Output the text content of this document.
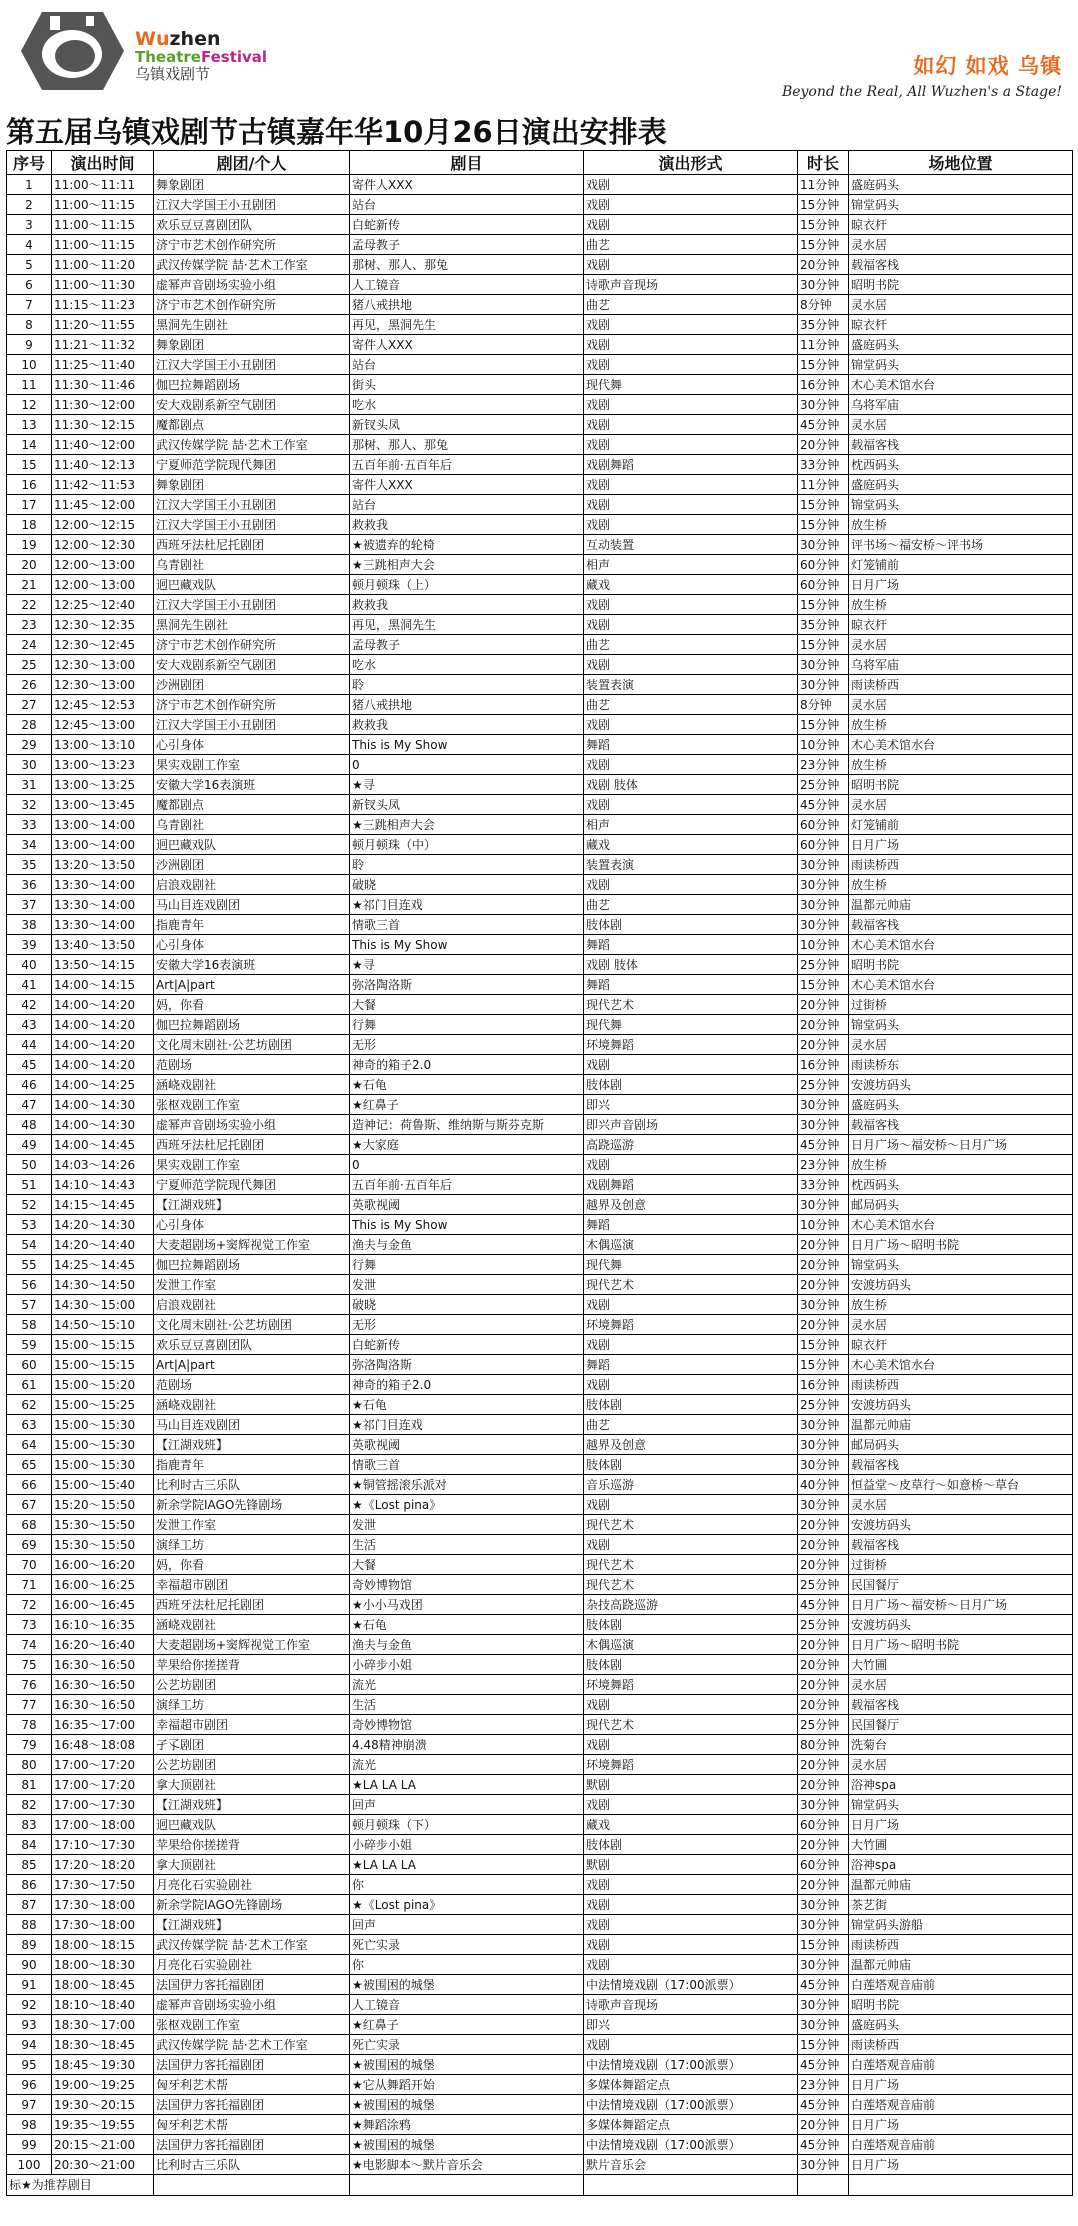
Wuzhen
TheatreFestival
乌镇戏剧节	如幻 如戏 乌镇
Beyond the Real, All Wuzhen's a Stage!
第五届乌镇戏剧节古镇嘉年华10月26日演出安排表
序号	演出时间	剧团/个人	剧目	演出形式	时长	场地位置
1	11:00～11:11	舞象剧团	寄件人XXX	戏剧	11分钟	盛庭码头
2	11:00～11:15	江汉大学国王小丑剧团	站台	戏剧	15分钟	锦堂码头
3	11:00～11:15	欢乐豆豆喜剧团队	白蛇新传	戏剧	15分钟	晾衣杆
4	11:00～11:15	济宁市艺术创作研究所	孟母教子	曲艺	15分钟	灵水居
5	11:00～11:20	武汉传媒学院 喆·艺术工作室	那树、那人、那兔	戏剧	20分钟	载福客栈
6	11:00～11:30	虚幂声音剧场实验小组	人工镜音	诗歌声音现场	30分钟	昭明书院
7	11:15～11:23	济宁市艺术创作研究所	猪八戒拱地	曲艺	8分钟	灵水居
8	11:20～11:55	黑洞先生剧社	再见，黑洞先生	戏剧	35分钟	晾衣杆
9	11:21～11:32	舞象剧团	寄件人XXX	戏剧	11分钟	盛庭码头
10	11:25～11:40	江汉大学国王小丑剧团	站台	戏剧	15分钟	锦堂码头
11	11:30～11:46	伽巴拉舞蹈剧场	街头	现代舞	16分钟	木心美术馆水台
12	11:30～12:00	安大戏剧系新空气剧团	吃水	戏剧	30分钟	乌将军庙
13	11:30～12:15	魔都剧点	新钗头凤	戏剧	45分钟	灵水居
14	11:40～12:00	武汉传媒学院 喆·艺术工作室	那树、那人、那兔	戏剧	20分钟	载福客栈
15	11:40～12:13	宁夏师范学院现代舞团	五百年前·五百年后	戏剧舞蹈	33分钟	枕西码头
16	11:42～11:53	舞象剧团	寄件人XXX	戏剧	11分钟	盛庭码头
17	11:45～12:00	江汉大学国王小丑剧团	站台	戏剧	15分钟	锦堂码头
18	12:00～12:15	江汉大学国王小丑剧团	救救我	戏剧	15分钟	放生桥
19	12:00～12:30	西班牙法杜尼托剧团	★被遗弃的轮椅	互动装置	30分钟	评书场～福安桥～评书场
20	12:00～13:00	乌青剧社	★三跳相声大会	相声	60分钟	灯笼铺前
21	12:00～13:00	迥巴藏戏队	顿月顿珠（上）	藏戏	60分钟	日月广场
22	12:25～12:40	江汉大学国王小丑剧团	救救我	戏剧	15分钟	放生桥
23	12:30～12:35	黑洞先生剧社	再见，黑洞先生	戏剧	35分钟	晾衣杆
24	12:30～12:45	济宁市艺术创作研究所	孟母教子	曲艺	15分钟	灵水居
25	12:30～13:00	安大戏剧系新空气剧团	吃水	戏剧	30分钟	乌将军庙
26	12:30～13:00	沙洲剧团	聆	装置表演	30分钟	雨读桥西
27	12:45～12:53	济宁市艺术创作研究所	猪八戒拱地	曲艺	8分钟	灵水居
28	12:45～13:00	江汉大学国王小丑剧团	救救我	戏剧	15分钟	放生桥
29	13:00～13:10	心引身体	This is My Show	舞蹈	10分钟	木心美术馆水台
30	13:00～13:23	果实戏剧工作室	0	戏剧	23分钟	放生桥
31	13:00～13:25	安徽大学16表演班	★寻	戏剧 肢体	25分钟	昭明书院
32	13:00～13:45	魔都剧点	新钗头凤	戏剧	45分钟	灵水居
33	13:00～14:00	乌青剧社	★三跳相声大会	相声	60分钟	灯笼铺前
34	13:00～14:00	迥巴藏戏队	顿月顿珠（中）	藏戏	60分钟	日月广场
35	13:20～13:50	沙洲剧团	聆	装置表演	30分钟	雨读桥西
36	13:30～14:00	启浪戏剧社	破晓	戏剧	30分钟	放生桥
37	13:30～14:00	马山目连戏剧团	★祁门目连戏	曲艺	30分钟	温都元帅庙
38	13:30～14:00	指鹿青年	情歌三首	肢体剧	30分钟	载福客栈
39	13:40～13:50	心引身体	This is My Show	舞蹈	10分钟	木心美术馆水台
40	13:50～14:15	安徽大学16表演班	★寻	戏剧 肢体	25分钟	昭明书院
41	14:00～14:15	Art|A|part	弥洛陶洛斯	舞蹈	15分钟	木心美术馆水台
42	14:00～14:20	妈，你看	大餐	现代艺术	20分钟	过街桥
43	14:00～14:20	伽巴拉舞蹈剧场	行舞	现代舞	20分钟	锦堂码头
44	14:00～14:20	文化周末剧社·公艺坊剧团	无形	环境舞蹈	20分钟	灵水居
45	14:00～14:20	范剧场	神奇的箱子2.0	戏剧	16分钟	雨读桥东
46	14:00～14:25	涵峣戏剧社	★石龟	肢体剧	25分钟	安渡坊码头
47	14:00～14:30	张枢戏剧工作室	★红鼻子	即兴	30分钟	盛庭码头
48	14:00～14:30	虚幂声音剧场实验小组	造神记：荷鲁斯、维纳斯与斯芬克斯	即兴声音剧场	30分钟	载福客栈
49	14:00～14:45	西班牙法杜尼托剧团	★大家庭	高跷巡游	45分钟	日月广场～福安桥～日月广场
50	14:03～14:26	果实戏剧工作室	0	戏剧	23分钟	放生桥
51	14:10～14:43	宁夏师范学院现代舞团	五百年前·五百年后	戏剧舞蹈	33分钟	枕西码头
52	14:15～14:45	【江湖戏班】	英歌视阈	越界及创意	30分钟	邮局码头
53	14:20～14:30	心引身体	This is My Show	舞蹈	10分钟	木心美术馆水台
54	14:20～14:40	大麦超剧场+窦辉视觉工作室	渔夫与金鱼	木偶巡演	20分钟	日月广场～昭明书院
55	14:25～14:45	伽巴拉舞蹈剧场	行舞	现代舞	20分钟	锦堂码头
56	14:30～14:50	发泄工作室	发泄	现代艺术	20分钟	安渡坊码头
57	14:30～15:00	启浪戏剧社	破晓	戏剧	30分钟	放生桥
58	14:50～15:10	文化周末剧社·公艺坊剧团	无形	环境舞蹈	20分钟	灵水居
59	15:00～15:15	欢乐豆豆喜剧团队	白蛇新传	戏剧	15分钟	晾衣杆
60	15:00～15:15	Art|A|part	弥洛陶洛斯	舞蹈	15分钟	木心美术馆水台
61	15:00～15:20	范剧场	神奇的箱子2.0	戏剧	16分钟	雨读桥西
62	15:00～15:25	涵峣戏剧社	★石龟	肢体剧	25分钟	安渡坊码头
63	15:00～15:30	马山目连戏剧团	★祁门目连戏	曲艺	30分钟	温都元帅庙
64	15:00～15:30	【江湖戏班】	英歌视阈	越界及创意	30分钟	邮局码头
65	15:00～15:30	指鹿青年	情歌三首	肢体剧	30分钟	载福客栈
66	15:00～15:40	比利时古三乐队	★铜管摇滚乐派对	音乐巡游	40分钟	恒益堂～皮草行～如意桥～草台
67	15:20～15:50	新余学院IAGO先锋剧场	★《Lost pina》	戏剧	30分钟	灵水居
68	15:30～15:50	发泄工作室	发泄	现代艺术	20分钟	安渡坊码头
69	15:30～15:50	演绎工坊	生活	戏剧	20分钟	载福客栈
70	16:00～16:20	妈，你看	大餐	现代艺术	20分钟	过街桥
71	16:00～16:25	幸福超市剧团	奇妙博物馆	现代艺术	25分钟	民国餐厅
72	16:00～16:45	西班牙法杜尼托剧团	★小小马戏团	杂技高跷巡游	45分钟	日月广场～福安桥～日月广场
73	16:10～16:35	涵峣戏剧社	★石龟	肢体剧	25分钟	安渡坊码头
74	16:20～16:40	大麦超剧场+窦辉视觉工作室	渔夫与金鱼	木偶巡演	20分钟	日月广场～昭明书院
75	16:30～16:50	苹果给你搓搓背	小碎步小姐	肢体剧	20分钟	大竹圃
76	16:30～16:50	公艺坊剧团	流光	环境舞蹈	20分钟	灵水居
77	16:30～16:50	演绎工坊	生活	戏剧	20分钟	载福客栈
78	16:35～17:00	幸福超市剧团	奇妙博物馆	现代艺术	25分钟	民国餐厅
79	16:48～18:08	孑孓剧团	4.48精神崩溃	戏剧	80分钟	洗菊台
80	17:00～17:20	公艺坊剧团	流光	环境舞蹈	20分钟	灵水居
81	17:00～17:20	拿大顶剧社	★LA LA LA	默剧	20分钟	浴神spa
82	17:00～17:30	【江湖戏班】	回声	戏剧	30分钟	锦堂码头
83	17:00～18:00	迥巴藏戏队	顿月顿珠（下）	藏戏	60分钟	日月广场
84	17:10～17:30	苹果给你搓搓背	小碎步小姐	肢体剧	20分钟	大竹圃
85	17:20～18:20	拿大顶剧社	★LA LA LA	默剧	60分钟	浴神spa
86	17:30～17:50	月亮化石实验剧社	你	戏剧	20分钟	温都元帅庙
87	17:30～18:00	新余学院IAGO先锋剧场	★《Lost pina》	戏剧	30分钟	茶艺街
88	17:30～18:00	【江湖戏班】	回声	戏剧	30分钟	锦堂码头游船
89	18:00～18:15	武汉传媒学院 喆·艺术工作室	死亡实录	戏剧	15分钟	雨读桥西
90	18:00～18:30	月亮化石实验剧社	你	戏剧	30分钟	温都元帅庙
91	18:00～18:45	法国伊力客托福剧团	★被围困的城堡	中法情境戏剧（17:00派票）	45分钟	白莲塔观音庙前
92	18:10～18:40	虚幂声音剧场实验小组	人工镜音	诗歌声音现场	30分钟	昭明书院
93	18:30～17:00	张枢戏剧工作室	★红鼻子	即兴	30分钟	盛庭码头
94	18:30～18:45	武汉传媒学院 喆·艺术工作室	死亡实录	戏剧	15分钟	雨读桥西
95	18:45～19:30	法国伊力客托福剧团	★被围困的城堡	中法情境戏剧（17:00派票）	45分钟	白莲塔观音庙前
96	19:00～19:25	匈牙利艺术帮	★它从舞蹈开始	多媒体舞蹈定点	23分钟	日月广场
97	19:30～20:15	法国伊力客托福剧团	★被围困的城堡	中法情境戏剧（17:00派票）	45分钟	白莲塔观音庙前
98	19:35～19:55	匈牙利艺术帮	★舞蹈涂鸦	多媒体舞蹈定点	20分钟	日月广场
99	20:15～21:00	法国伊力客托福剧团	★被围困的城堡	中法情境戏剧（17:00派票）	45分钟	白莲塔观音庙前
100	20:30～21:00	比利时古三乐队	★电影脚本～默片音乐会	默片音乐会	30分钟	日月广场
标★为推荐剧目						
